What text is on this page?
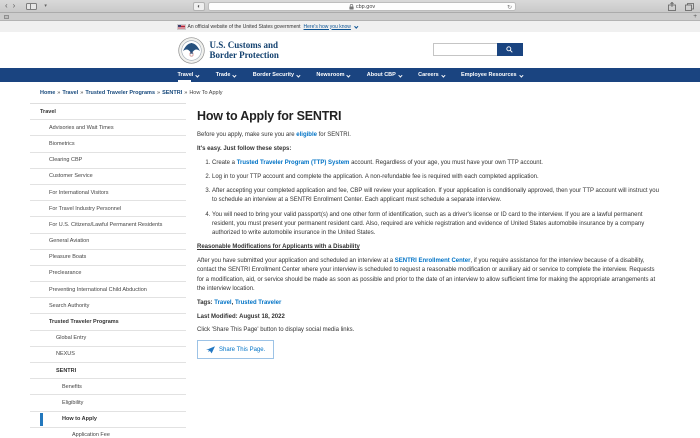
‹ ›	▾	◐	cbp.gov	↻
+
An official website of the United States government Here's how you know
U.S. Customs and
Border Protection
Travel	Trade	Border Security	Newsroom	About CBP	Careers	Employee Resources
Home » Travel » Trusted Traveler Programs » SENTRI » How To Apply
Travel
Advisories and Wait Times
Biometrics
Clearing CBP
Customer Service
For International Visitors
For Travel Industry Personnel
For U.S. Citizens/Lawful Permanent Residents
General Aviation
Pleasure Boats
Preclearance
Preventing International Child Abduction
Search Authority
Trusted Traveler Programs
Global Entry
NEXUS
SENTRI
Benefits
Eligibility
How to Apply
Application Fee
How to Apply for SENTRI

Before you apply, make sure you are eligible for SENTRI.

It's easy. Just follow these steps:

1. Create a Trusted Traveler Program (TTP) System account. Regardless of your age, you must have your own TTP account.
2. Log in to your TTP account and complete the application. A non-refundable fee is required with each completed application.
3. After accepting your completed application and fee, CBP will review your application. If your application is conditionally approved, then your TTP account will instruct you to schedule an interview at a SENTRI Enrollment Center. Each applicant must schedule a separate interview.
4. You will need to bring your valid passport(s) and one other form of identification, such as a driver's license or ID card to the interview. If you are a lawful permanent resident, you must present your permanent resident card. Also, required are vehicle registration and evidence of United States automobile insurance by a company authorized to write automobile insurance in the United States.

Reasonable Modifications for Applicants with a Disability

After you have submitted your application and scheduled an interview at a SENTRI Enrollment Center, if you require assistance for the interview because of a disability, contact the SENTRI Enrollment Center where your interview is scheduled to request a reasonable modification or auxiliary aid or service to complete the interview. Requests for a modification, aid, or service should be made as soon as possible and prior to the date of an interview to allow sufficient time for making the appropriate arrangements at the interview location.

Tags: Travel, Trusted Traveler

Last Modified: August 18, 2022

Click 'Share This Page' button to display social media links.

Share This Page.
